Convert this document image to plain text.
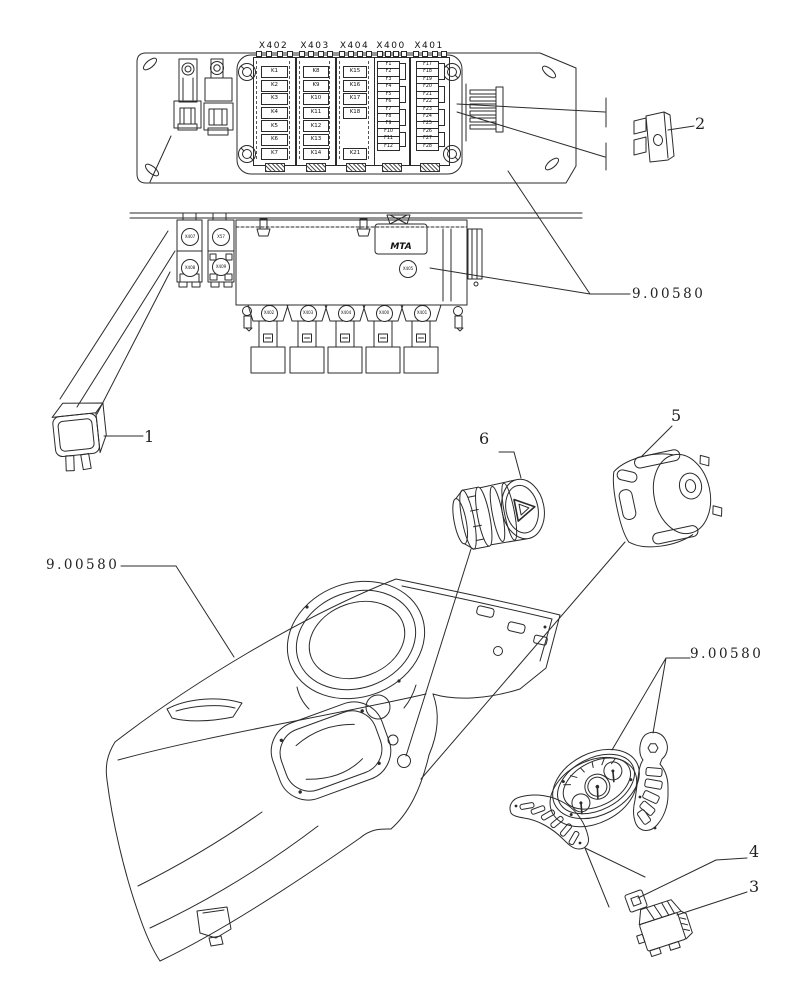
MTA
1
2
3
4
5
6
9.00580
9.00580
9.00580
X402
K1
K2
K3
K4
K5
K6
K7
X403
K8
K9
K10
K11
K12
K13
K14
X404
K15
K16
K17
K18
K21
X400
F1
F2
F3
F4
F5
F6
F7
F8
F9
F10
F11
F12
X401
F17
F18
F19
F20
F21
F22
F23
F24
F25
F26
F27
F28
X407
X408
X57
X409
X402	X403	X404	X400	X401
X405
